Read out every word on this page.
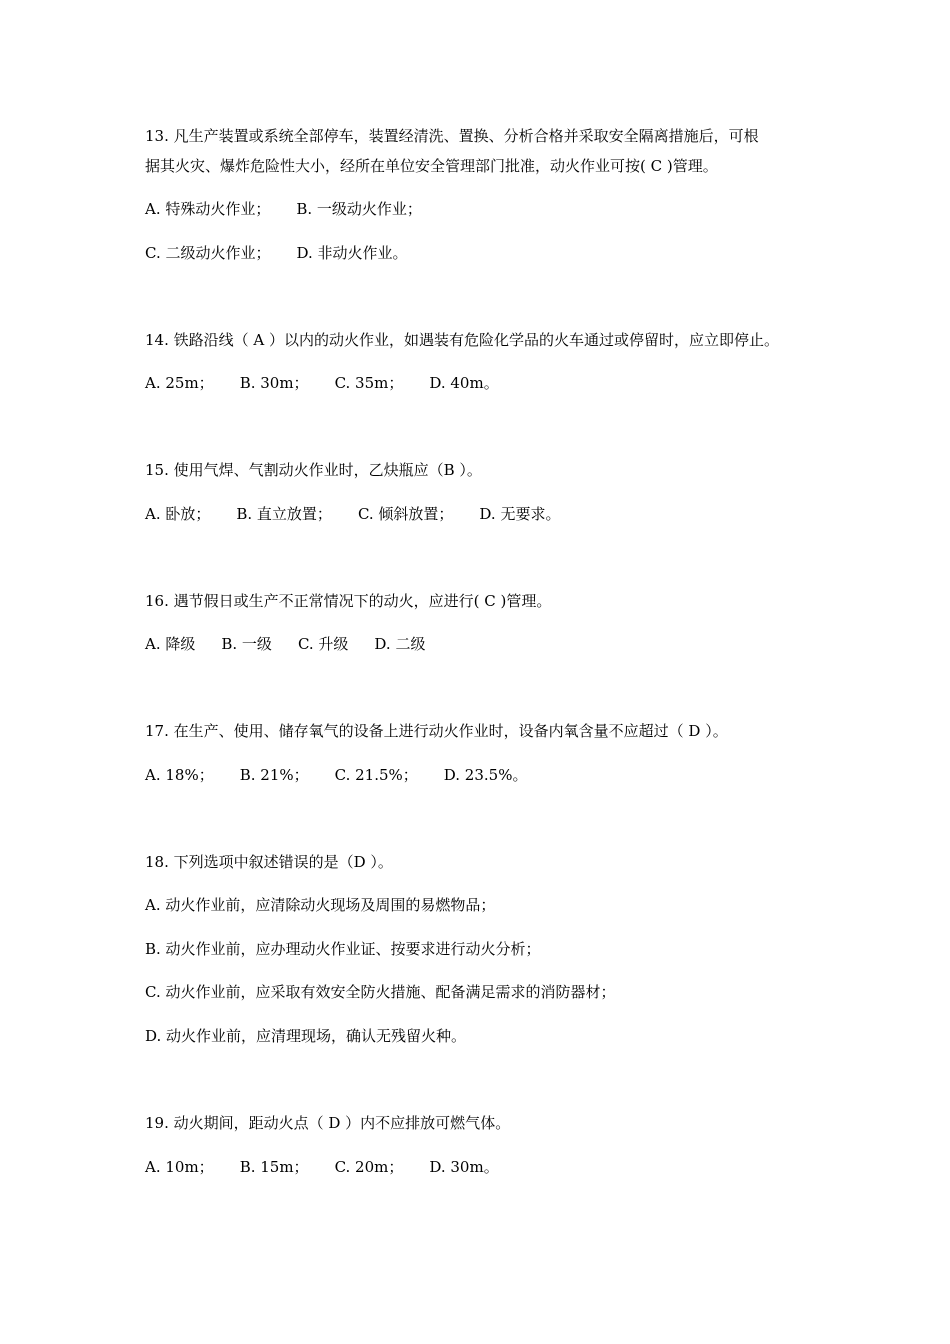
13. 凡生产装置或系统全部停车，装置经清洗、置换、分析合格并采取安全隔离措施后，可根
据其火灾、爆炸危险性大小，经所在单位安全管理部门批准，动火作业可按( C )管理。
A. 特殊动火作业； B. 一级动火作业；
C. 二级动火作业； D. 非动火作业。
14. 铁路沿线（ A ）以内的动火作业，如遇装有危险化学品的火车通过或停留时，应立即停止。
A. 25m； B. 30m； C. 35m； D. 40m。
15. 使用气焊、气割动火作业时，乙炔瓶应（B ）。
A. 卧放； B. 直立放置； C. 倾斜放置； D. 无要求。
16. 遇节假日或生产不正常情况下的动火，应进行( C )管理。
A. 降级 B. 一级 C. 升级 D. 二级
17. 在生产、使用、储存氧气的设备上进行动火作业时，设备内氧含量不应超过（ D ）。
A. 18%； B. 21%； C. 21.5%； D. 23.5%。
18. 下列选项中叙述错误的是（D ）。
A. 动火作业前，应清除动火现场及周围的易燃物品；
B. 动火作业前，应办理动火作业证、按要求进行动火分析；
C. 动火作业前，应采取有效安全防火措施、配备满足需求的消防器材；
D. 动火作业前，应清理现场，确认无残留火种。
19. 动火期间，距动火点（ D ）内不应排放可燃气体。
A. 10m； B. 15m； C. 20m； D. 30m。
